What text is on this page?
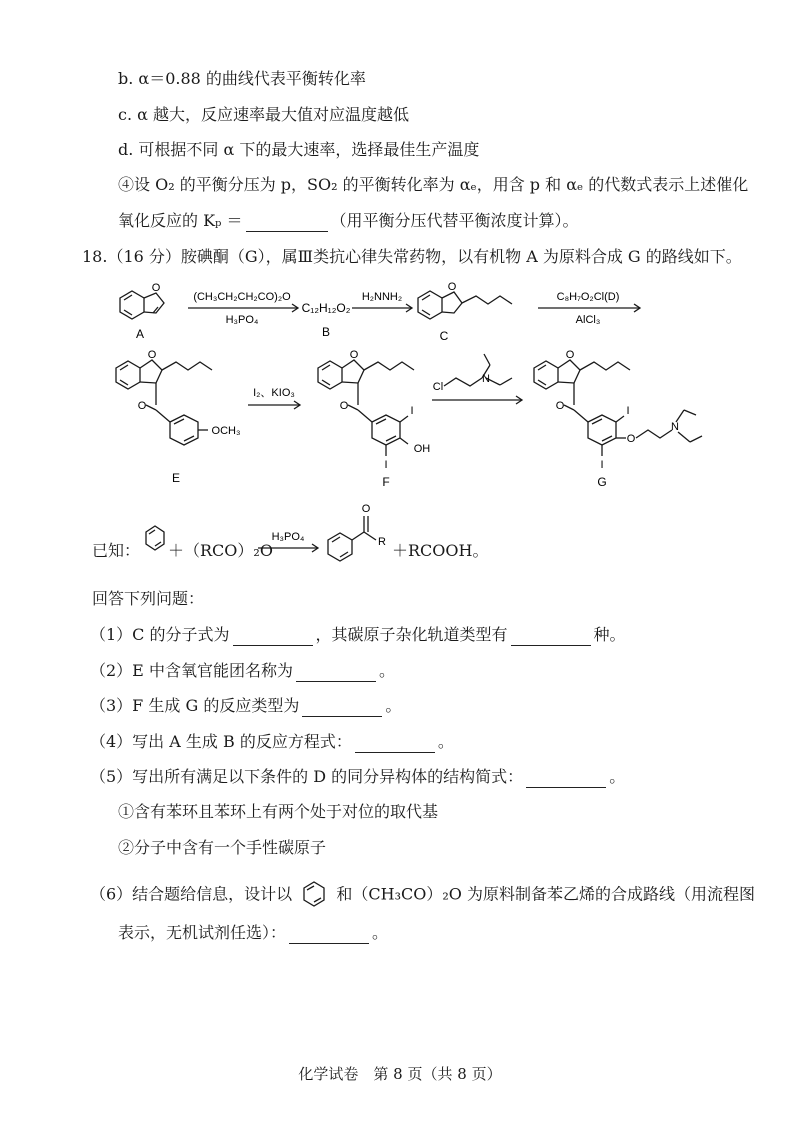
b. α＝0.88 的曲线代表平衡转化率
c. α 越大，反应速率最大值对应温度越低
d. 可根据不同 α 下的最大速率，选择最佳生产温度
④设 O₂ 的平衡分压为 p，SO₂ 的平衡转化率为 αₑ，用含 p 和 αₑ 的代数式表示上述催化
氧化反应的 Kₚ ＝	（用平衡分压代替平衡浓度计算）。
18.（16 分）胺碘酮（G），属Ⅲ类抗心律失常药物，以有机物 A 为原料合成 G 的路线如下。
A
(CH₃CH₂CH₂CO)₂O
H₃PO₄
C₁₂H₁₂O₂
B
H₂NNH₂
C
O
O
C₈H₇O₂Cl(D)
AlCl₃
O
O
OCH₃
E
I₂、KIO₃
O
O	I
OH
I
F
Cl
N
O
O	I
O
N
I
G
H₃PO₄
O
R
已知： ＋（RCO）₂O	＋RCOOH。
回答下列问题：
（1）C 的分子式为	，其碳原子杂化轨道类型有	种。
（2）E 中含氧官能团名称为	。
（3）F 生成 G 的反应类型为	。
（4）写出 A 生成 B 的反应方程式：	。
（5）写出所有满足以下条件的 D 的同分异构体的结构简式：	。
①含有苯环且苯环上有两个处于对位的取代基
②分子中含有一个手性碳原子
（6）结合题给信息，设计以	和（CH₃CO）₂O 为原料制备苯乙烯的合成路线（用流程图
表示，无机试剂任选）：	。
化学试卷　第 8 页（共 8 页）
